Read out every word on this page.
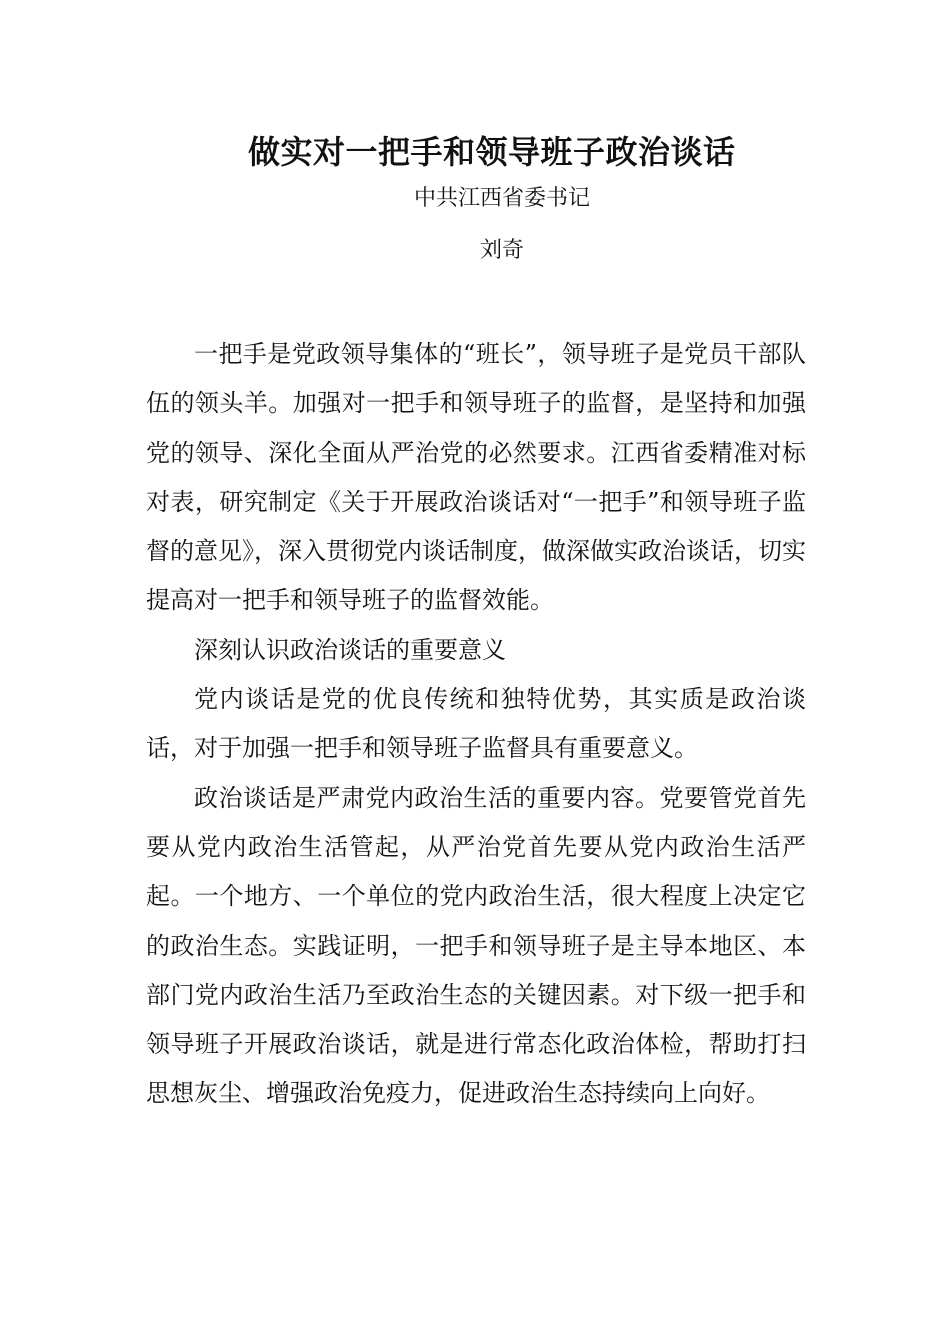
做实对一把手和领导班子政治谈话

中共江西省委书记

刘奇

一把手是党政领导集体的“班长”，领导班子是党员干部队伍的领头羊。加强对一把手和领导班子的监督，是坚持和加强党的领导、深化全面从严治党的必然要求。江西省委精准对标对表，研究制定《关于开展政治谈话对“一把手”和领导班子监督的意见》，深入贯彻党内谈话制度，做深做实政治谈话，切实提高对一把手和领导班子的监督效能。

深刻认识政治谈话的重要意义

党内谈话是党的优良传统和独特优势，其实质是政治谈话，对于加强一把手和领导班子监督具有重要意义。

政治谈话是严肃党内政治生活的重要内容。党要管党首先要从党内政治生活管起，从严治党首先要从党内政治生活严起。一个地方、一个单位的党内政治生活，很大程度上决定它的政治生态。实践证明，一把手和领导班子是主导本地区、本部门党内政治生活乃至政治生态的关键因素。对下级一把手和领导班子开展政治谈话，就是进行常态化政治体检，帮助打扫思想灰尘、增强政治免疫力，促进政治生态持续向上向好。
